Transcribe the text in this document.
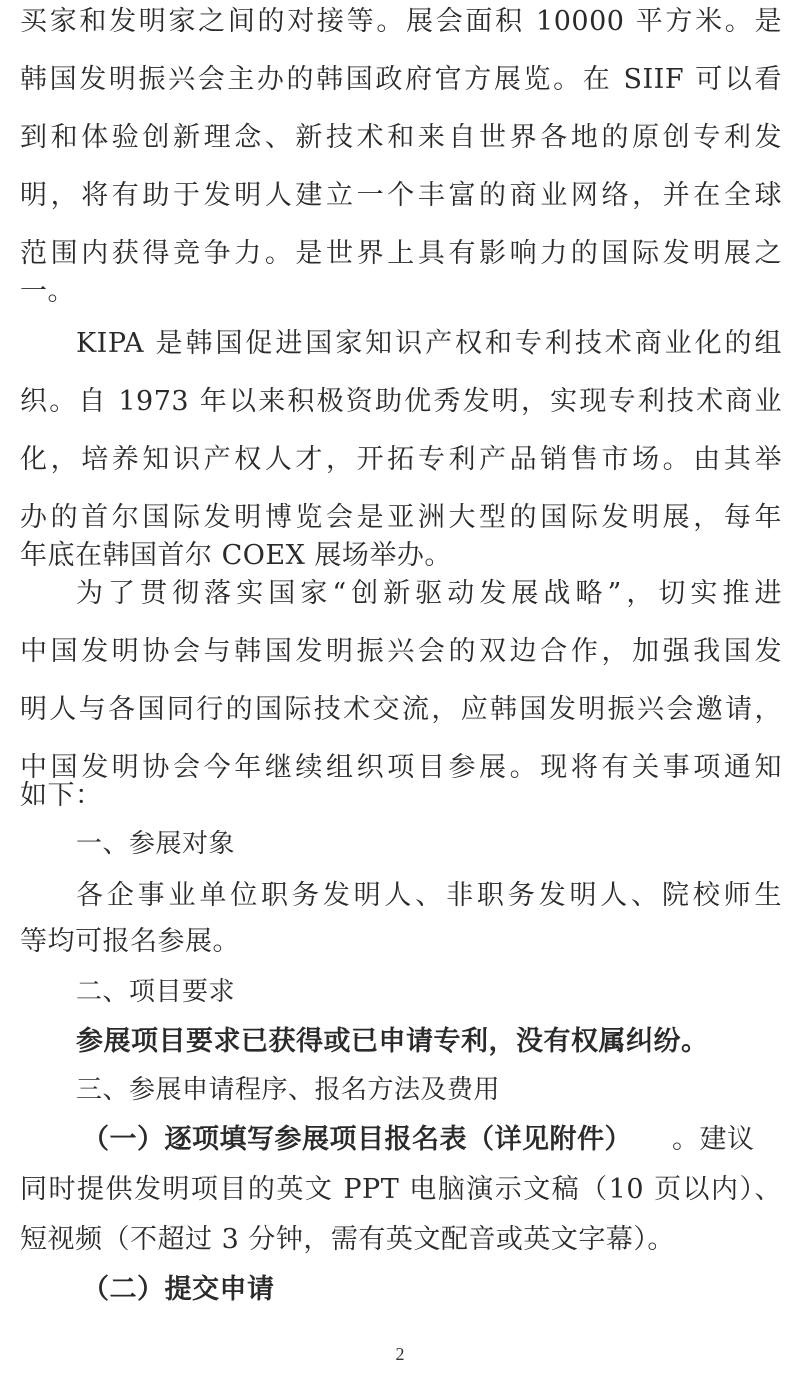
买家和发明家之间的对接等。展会面积 10000 平方米。是
韩国发明振兴会主办的韩国政府官方展览。在 SIIF 可以看
到和体验创新理念、新技术和来自世界各地的原创专利发
明，将有助于发明人建立一个丰富的商业网络，并在全球
范围内获得竞争力。是世界上具有影响力的国际发明展之
一。
KIPA 是韩国促进国家知识产权和专利技术商业化的组
织。自 1973 年以来积极资助优秀发明，实现专利技术商业
化，培养知识产权人才，开拓专利产品销售市场。由其举
办的首尔国际发明博览会是亚洲大型的国际发明展，每年
年底在韩国首尔 COEX 展场举办。
为了贯彻落实国家“创新驱动发展战略”，切实推进
中国发明协会与韩国发明振兴会的双边合作，加强我国发
明人与各国同行的国际技术交流，应韩国发明振兴会邀请，
中国发明协会今年继续组织项目参展。现将有关事项通知
如下：
一、参展对象
各企事业单位职务发明人、非职务发明人、院校师生
等均可报名参展。
二、项目要求
参展项目要求已获得或已申请专利，没有权属纠纷。
三、参展申请程序、报名方法及费用
（一）逐项填写参展项目报名表（详见附件）	。建议
同时提供发明项目的英文 PPT 电脑演示文稿（10 页以内）、
短视频（不超过 3 分钟，需有英文配音或英文字幕）。
（二）提交申请
2
